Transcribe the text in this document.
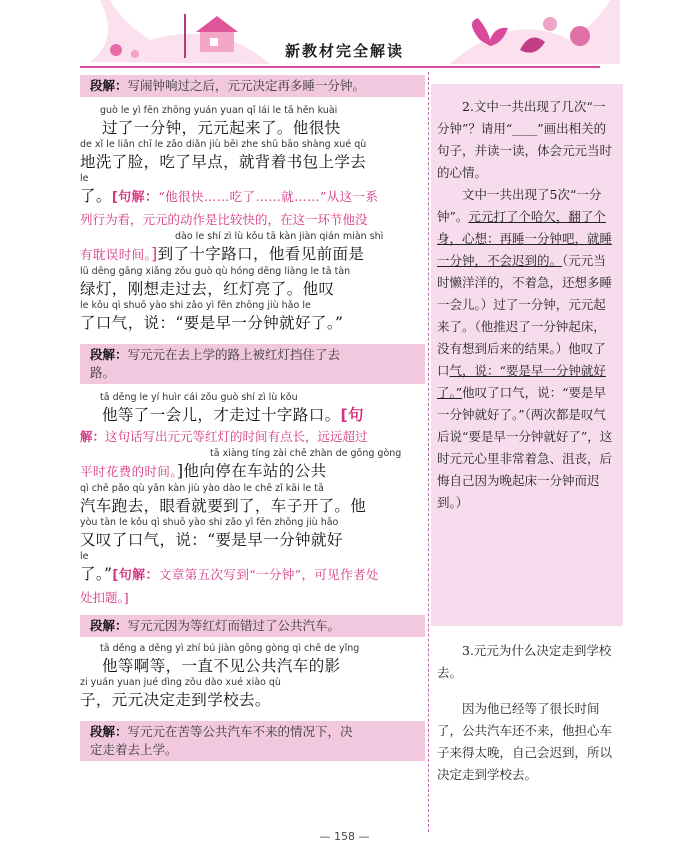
新教材完全解读
段解：写闹钟响过之后，元元决定再多睡一分钟。
guò le yì fēn zhōng yuán yuan qǐ lái le tā hěn kuài
过了一分钟，元元起来了。他很快
de xǐ le liǎn chī le zǎo diǎn jiù bēi zhe shū bāo shàng xué qù
地洗了脸，吃了早点，就背着书包上学去
le
了。[句解：“他很快……吃了……就……”从这一系
列行为看，元元的动作是比较快的，在这一环节他没
dào le shí zì lù kǒu tā kàn jiàn qián miàn shì
有耽误时间。]到了十字路口，他看见前面是
lǜ dēng gāng xiǎng zǒu guò qù hóng dēng liàng le tā tàn
绿灯，刚想走过去，红灯亮了。他叹
le kǒu qì shuō yào shi zǎo yì fēn zhōng jiù hǎo le
了口气，说：“要是早一分钟就好了。”
段解：写元元在去上学的路上被红灯挡住了去
路。
tā děng le yí huìr cái zǒu guò shí zì lù kǒu
他等了一会儿，才走过十字路口。[句
解：这句话写出元元等红灯的时间有点长，远远超过
tā xiàng tíng zài chē zhàn de gōng gòng
平时花费的时间。]他向停在车站的公共
qì chē pǎo qù yǎn kàn jiù yào dào le chē zǐ kāi le tā
汽车跑去，眼看就要到了，车子开了。他
yòu tàn le kǒu qì shuō yào shi zǎo yì fēn zhōng jiù hǎo
又叹了口气，说：“要是早一分钟就好
le
了。”[句解：文章第五次写到“一分钟”，可见作者处
处扣题。]
段解：写元元因为等红灯而错过了公共汽车。
tā děng a děng yì zhí bú jiàn gōng gòng qì chē de yǐng
他等啊等，一直不见公共汽车的影
zi yuán yuan jué dìng zǒu dào xué xiào qù
子，元元决定走到学校去。
段解：写元元在苦等公共汽车不来的情况下，决
定走着去上学。

2.文中一共出现了几次“一分钟”？请用“____”画出相关的句子，并读一读，体会元元当时的心情。

文中一共出现了5次“一分钟”。元元打了个哈欠，翻了个身，心想：再睡一分钟吧，就睡一分钟，不会迟到的。（元元当时懒洋洋的，不着急，还想多睡一会儿。）过了一分钟，元元起来了。（他推迟了一分钟起床，没有想到后来的结果。）他叹了口气，说：“要是早一分钟就好了。”他叹了口气，说：“要是早一分钟就好了。”（两次都是叹气后说“要是早一分钟就好了”，这时元元心里非常着急、沮丧，后悔自己因为晚起床一分钟而迟到。）

3.元元为什么决定走到学校去。

因为他已经等了很长时间了，公共汽车还不来，他担心车子来得太晚，自己会迟到，所以决定走到学校去。

— 158 —
